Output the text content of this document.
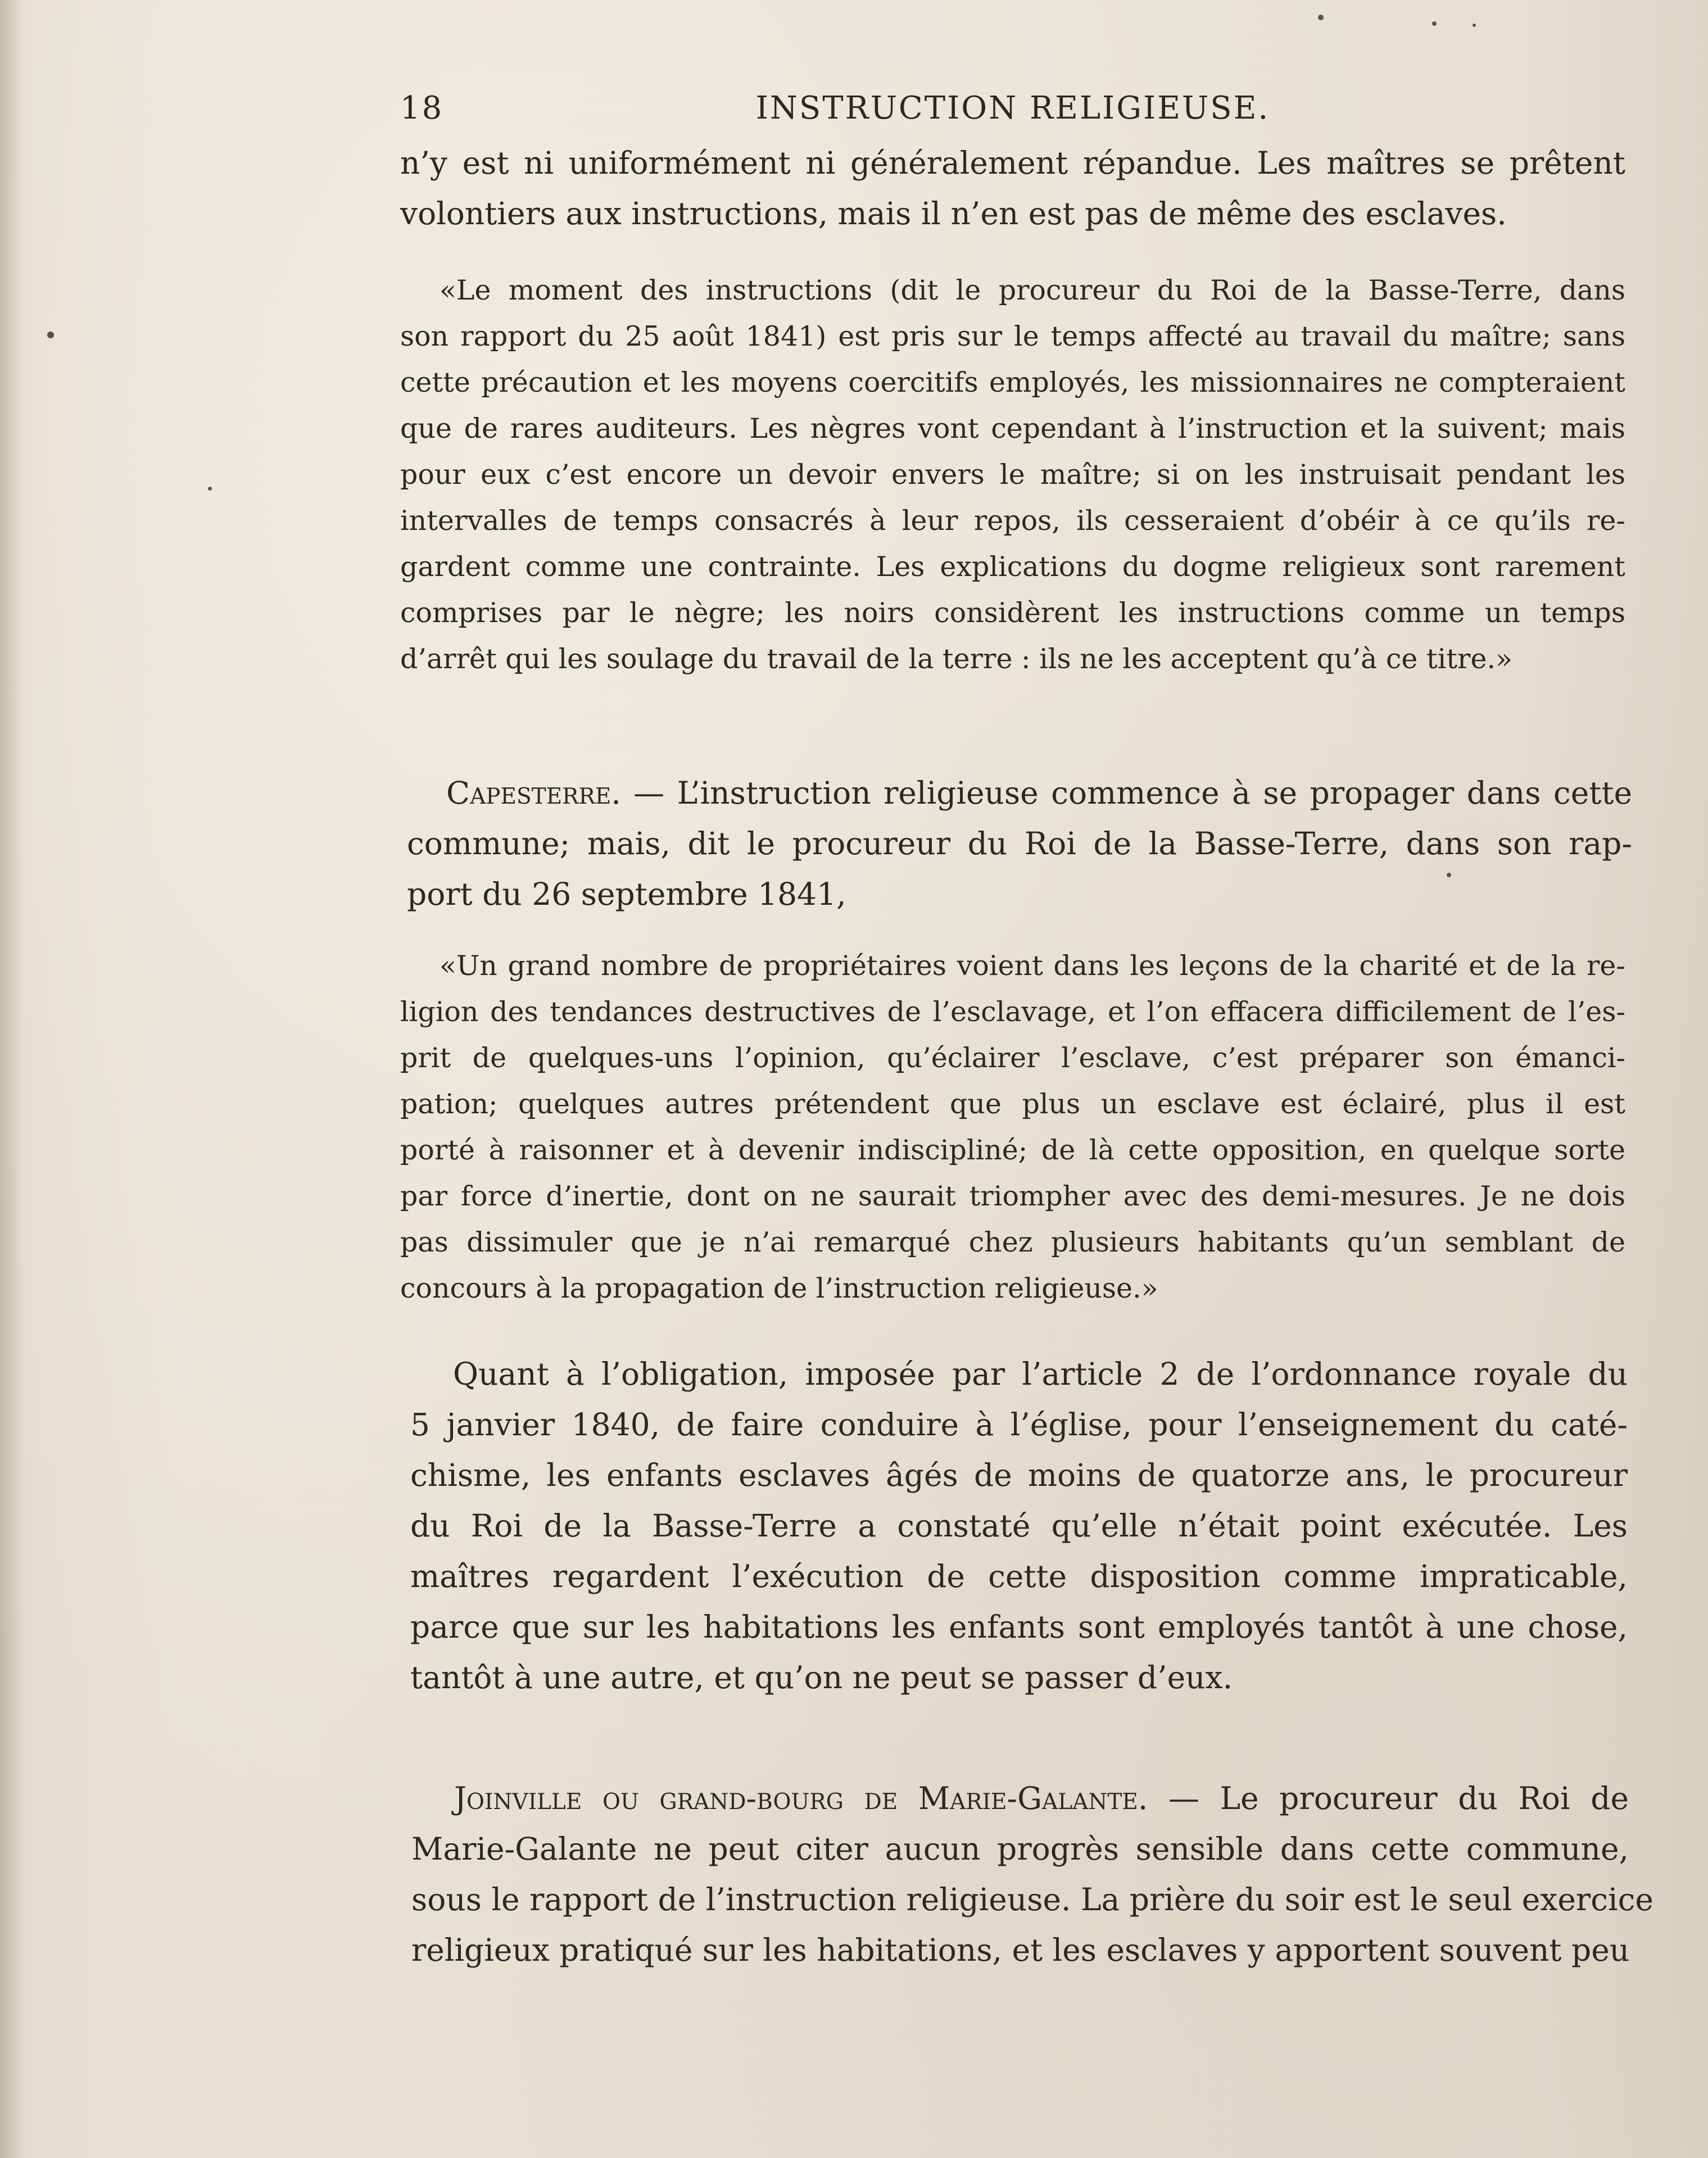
18	INSTRUCTION RELIGIEUSE.
n’y est ni uniformément ni généralement répandue. Les maîtres se prêtent
volontiers aux instructions, mais il n’en est pas de même des esclaves.
«Le moment des instructions (dit le procureur du Roi de la Basse-Terre, dans
son rapport du 25 août 1841) est pris sur le temps affecté au travail du maître; sans
cette précaution et les moyens coercitifs employés, les missionnaires ne compteraient
que de rares auditeurs. Les nègres vont cependant à l’instruction et la suivent; mais
pour eux c’est encore un devoir envers le maître; si on les instruisait pendant les
intervalles de temps consacrés à leur repos, ils cesseraient d’obéir à ce qu’ils re-
gardent comme une contrainte. Les explications du dogme religieux sont rarement
comprises par le nègre; les noirs considèrent les instructions comme un temps
d’arrêt qui les soulage du travail de la terre : ils ne les acceptent qu’à ce titre.»
Capesterre. — L’instruction religieuse commence à se propager dans cette
commune; mais, dit le procureur du Roi de la Basse-Terre, dans son rap-
port du 26 septembre 1841,
«Un grand nombre de propriétaires voient dans les leçons de la charité et de la re-
ligion des tendances destructives de l’esclavage, et l’on effacera difficilement de l’es-
prit de quelques-uns l’opinion, qu’éclairer l’esclave, c’est préparer son émanci-
pation; quelques autres prétendent que plus un esclave est éclairé, plus il est
porté à raisonner et à devenir indiscipliné; de là cette opposition, en quelque sorte
par force d’inertie, dont on ne saurait triompher avec des demi-mesures. Je ne dois
pas dissimuler que je n’ai remarqué chez plusieurs habitants qu’un semblant de
concours à la propagation de l’instruction religieuse.»
Quant à l’obligation, imposée par l’article 2 de l’ordonnance royale du
5 janvier 1840, de faire conduire à l’église, pour l’enseignement du caté-
chisme, les enfants esclaves âgés de moins de quatorze ans, le procureur
du Roi de la Basse-Terre a constaté qu’elle n’était point exécutée. Les
maîtres regardent l’exécution de cette disposition comme impraticable,
parce que sur les habitations les enfants sont employés tantôt à une chose,
tantôt à une autre, et qu’on ne peut se passer d’eux.
Joinville ou grand-bourg de Marie-Galante. — Le procureur du Roi de
Marie-Galante ne peut citer aucun progrès sensible dans cette commune,
sous le rapport de l’instruction religieuse. La prière du soir est le seul exercice
religieux pratiqué sur les habitations, et les esclaves y apportent souvent peu
